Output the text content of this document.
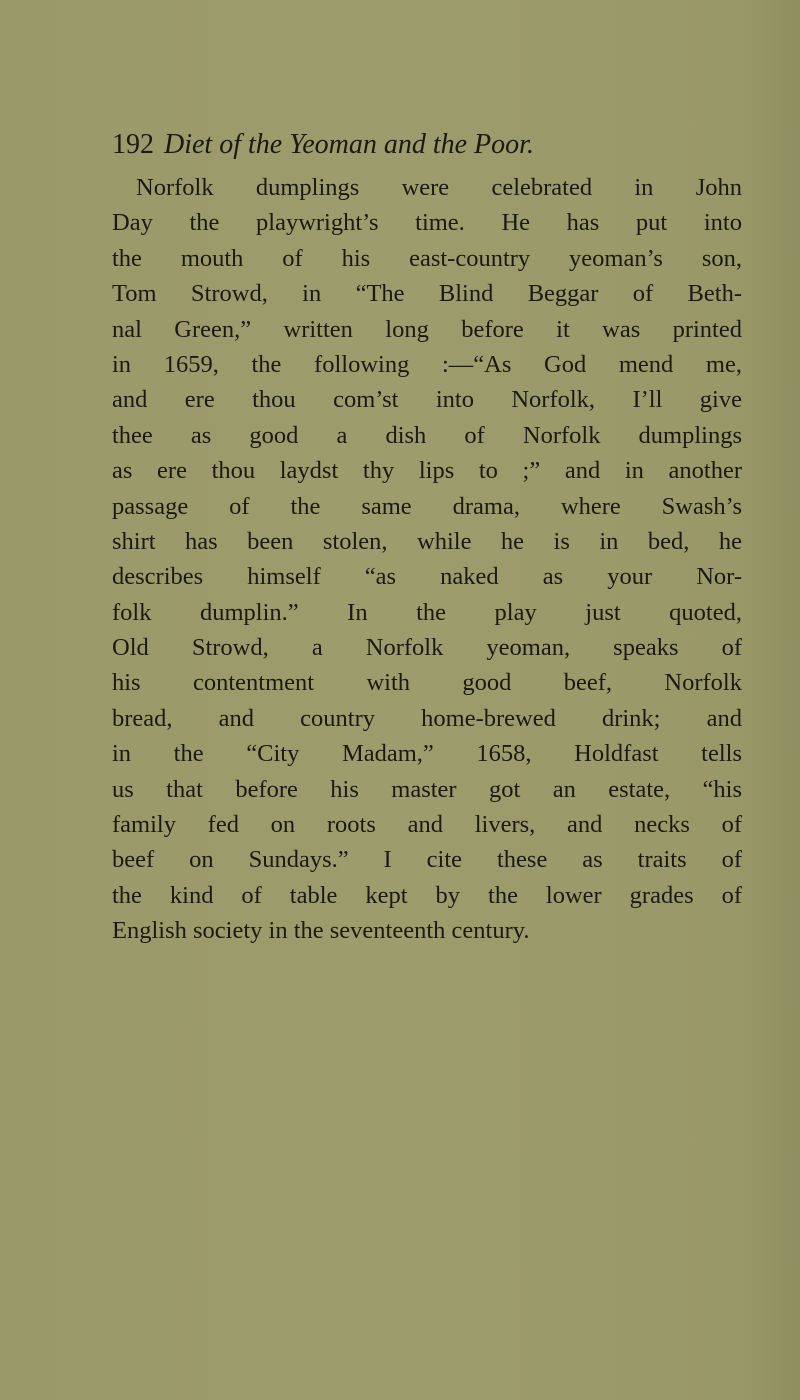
192 Diet of the Yeoman and the Poor.
Norfolk dumplings were celebrated in John
Day the playwright’s time. He has put into
the mouth of his east-country yeoman’s son,
Tom Strowd, in “The Blind Beggar of Beth-
nal Green,” written long before it was printed
in 1659, the following :—“As God mend me,
and ere thou com’st into Norfolk, I’ll give
thee as good a dish of Norfolk dumplings
as ere thou laydst thy lips to ;” and in another
passage of the same drama, where Swash’s
shirt has been stolen, while he is in bed, he
describes himself “as naked as your Nor-
folk dumplin.” In the play just quoted,
Old Strowd, a Norfolk yeoman, speaks of
his contentment with good beef, Norfolk
bread, and country home-brewed drink; and
in the “City Madam,” 1658, Holdfast tells
us that before his master got an estate, “his
family fed on roots and livers, and necks of
beef on Sundays.” I cite these as traits of
the kind of table kept by the lower grades of
English society in the seventeenth century.
